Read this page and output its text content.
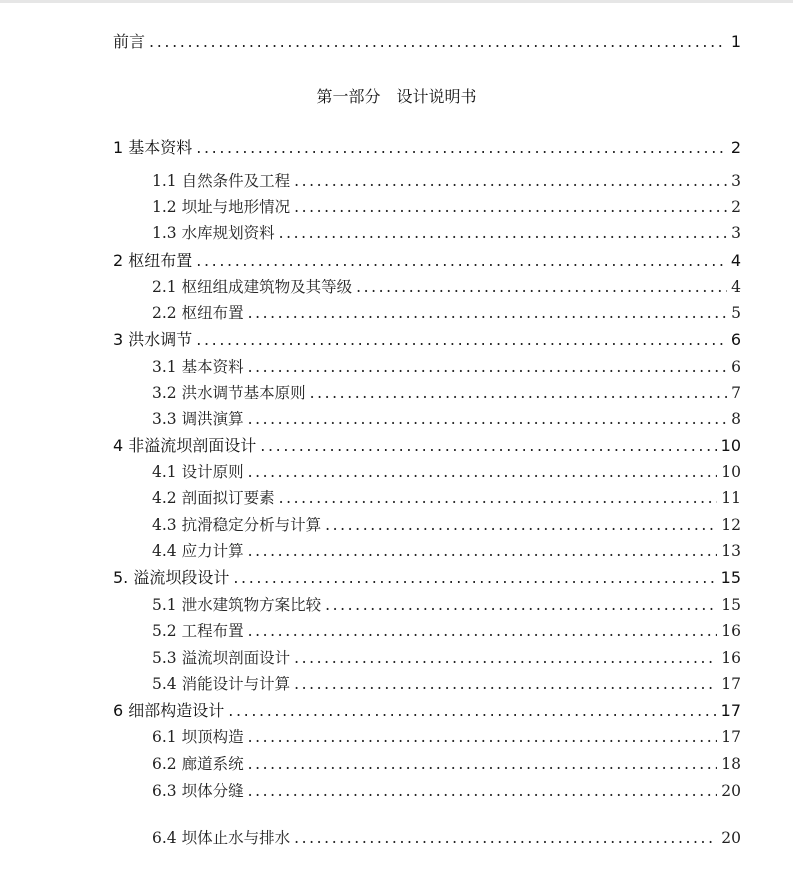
前言 .....	1
第一部分　设计说明书
1 基本资料 .....	2
1.1 自然条件及工程 .....	3
1.2 坝址与地形情况 .....	2
1.3 水库规划资料 .....	3
2 枢纽布置 .....	4
2.1 枢纽组成建筑物及其等级 .....	4
2.2 枢纽布置 .....	5
3 洪水调节 .....	6
3.1 基本资料 .....	6
3.2 洪水调节基本原则 .....	7
3.3 调洪演算 .....	8
4 非溢流坝剖面设计 .....	10
4.1 设计原则 .....	10
4.2 剖面拟订要素 .....	11
4.3 抗滑稳定分析与计算 .....	12
4.4 应力计算 .....	13
5. 溢流坝段设计 .....	15
5.1 泄水建筑物方案比较 .....	15
5.2 工程布置 .....	16
5.3 溢流坝剖面设计 .....	16
5.4 消能设计与计算 .....	17
6 细部构造设计 .....	17
6.1 坝顶构造 .....	17
6.2 廊道系统 .....	18
6.3 坝体分缝 .....	20
6.4 坝体止水与排水 .....	20
